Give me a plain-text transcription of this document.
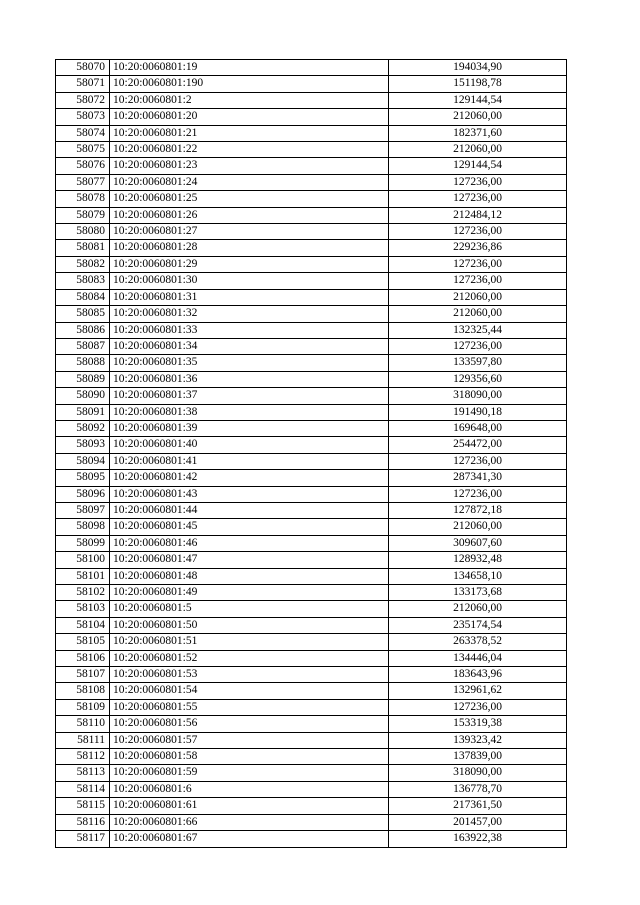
58070	10:20:0060801:19	194034,90
58071	10:20:0060801:190	151198,78
58072	10:20:0060801:2	129144,54
58073	10:20:0060801:20	212060,00
58074	10:20:0060801:21	182371,60
58075	10:20:0060801:22	212060,00
58076	10:20:0060801:23	129144,54
58077	10:20:0060801:24	127236,00
58078	10:20:0060801:25	127236,00
58079	10:20:0060801:26	212484,12
58080	10:20:0060801:27	127236,00
58081	10:20:0060801:28	229236,86
58082	10:20:0060801:29	127236,00
58083	10:20:0060801:30	127236,00
58084	10:20:0060801:31	212060,00
58085	10:20:0060801:32	212060,00
58086	10:20:0060801:33	132325,44
58087	10:20:0060801:34	127236,00
58088	10:20:0060801:35	133597,80
58089	10:20:0060801:36	129356,60
58090	10:20:0060801:37	318090,00
58091	10:20:0060801:38	191490,18
58092	10:20:0060801:39	169648,00
58093	10:20:0060801:40	254472,00
58094	10:20:0060801:41	127236,00
58095	10:20:0060801:42	287341,30
58096	10:20:0060801:43	127236,00
58097	10:20:0060801:44	127872,18
58098	10:20:0060801:45	212060,00
58099	10:20:0060801:46	309607,60
58100	10:20:0060801:47	128932,48
58101	10:20:0060801:48	134658,10
58102	10:20:0060801:49	133173,68
58103	10:20:0060801:5	212060,00
58104	10:20:0060801:50	235174,54
58105	10:20:0060801:51	263378,52
58106	10:20:0060801:52	134446,04
58107	10:20:0060801:53	183643,96
58108	10:20:0060801:54	132961,62
58109	10:20:0060801:55	127236,00
58110	10:20:0060801:56	153319,38
58111	10:20:0060801:57	139323,42
58112	10:20:0060801:58	137839,00
58113	10:20:0060801:59	318090,00
58114	10:20:0060801:6	136778,70
58115	10:20:0060801:61	217361,50
58116	10:20:0060801:66	201457,00
58117	10:20:0060801:67	163922,38
